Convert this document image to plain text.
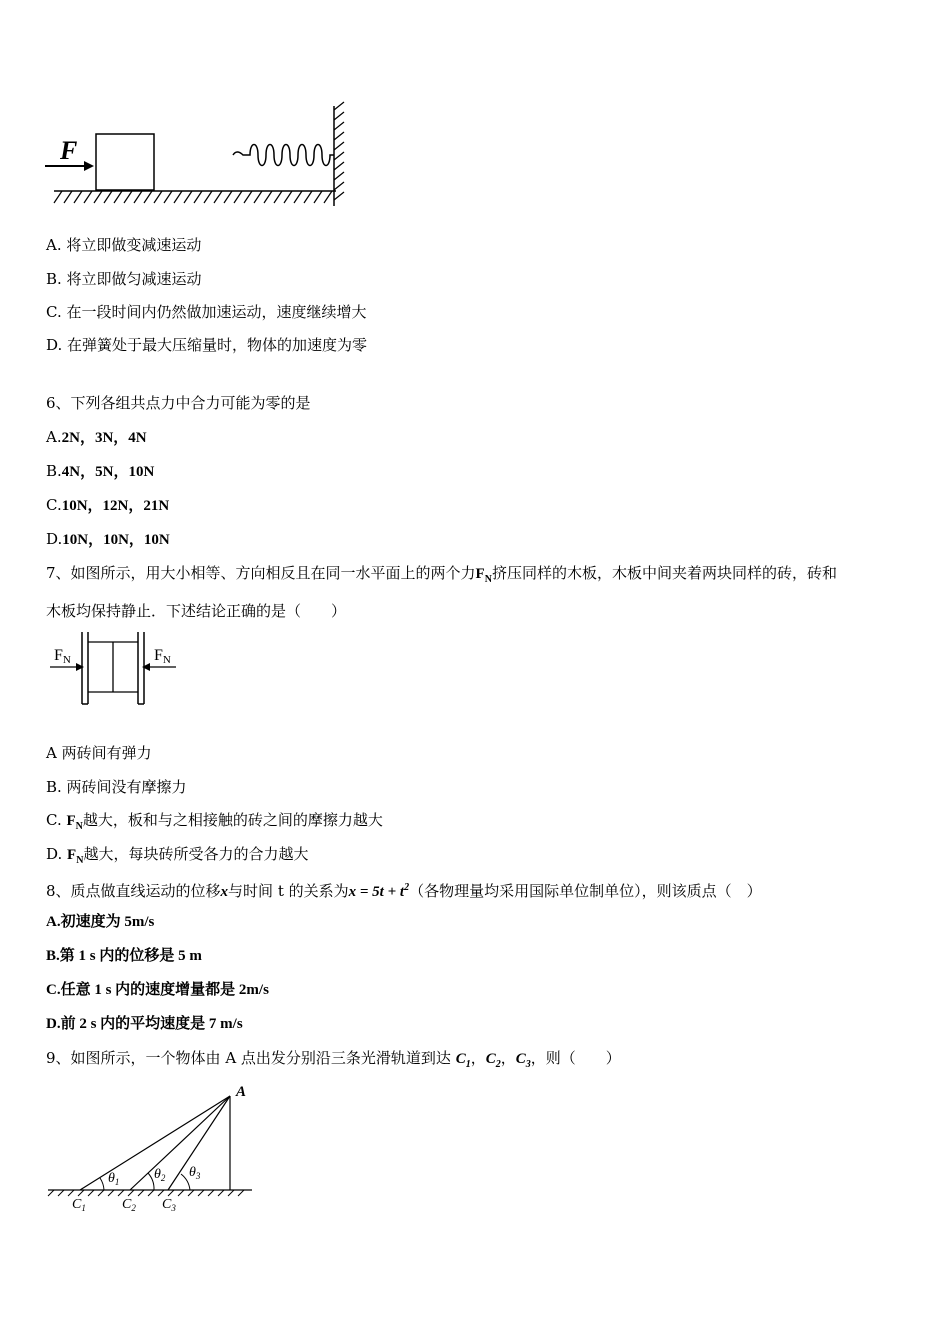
F
A. 将立即做变减速运动
B. 将立即做匀减速运动
C. 在一段时间内仍然做加速运动，速度继续增大
D. 在弹簧处于最大压缩量时，物体的加速度为零
6、下列各组共点力中合力可能为零的是
A.2N，3N，4N
B.4N，5N，10N
C.10N，12N，21N
D.10N，10N，10N
7、如图所示，用大小相等、方向相反且在同一水平面上的两个力$F_N$挤压同样的木板，木板中间夹着两块同样的砖，砖和
木板均保持静止．下述结论正确的是（　　）
FN	FN
A 两砖间有弹力
B. 两砖间没有摩擦力
C. $F_N$越大，板和与之相接触的砖之间的摩擦力越大
D. $F_N$越大，每块砖所受各力的合力越大
8、质点做直线运动的位移x与时间 t 的关系为$x = 5t + t^2$（各物理量均采用国际单位制单位），则该质点（　）
A.初速度为 5m/s
B.第 1 s 内的位移是 5 m
C.任意 1 s 内的速度增量都是 2m/s
D.前 2 s 内的平均速度是 7 m/s
9、如图所示，一个物体由 A 点出发分别沿三条光滑轨道到达 $C_1$，$C_2$，$C_3$，则（　　）
A
$\theta_1$ $\theta_2$ $\theta_3$
$C_1$	$C_2$ $C_3$
